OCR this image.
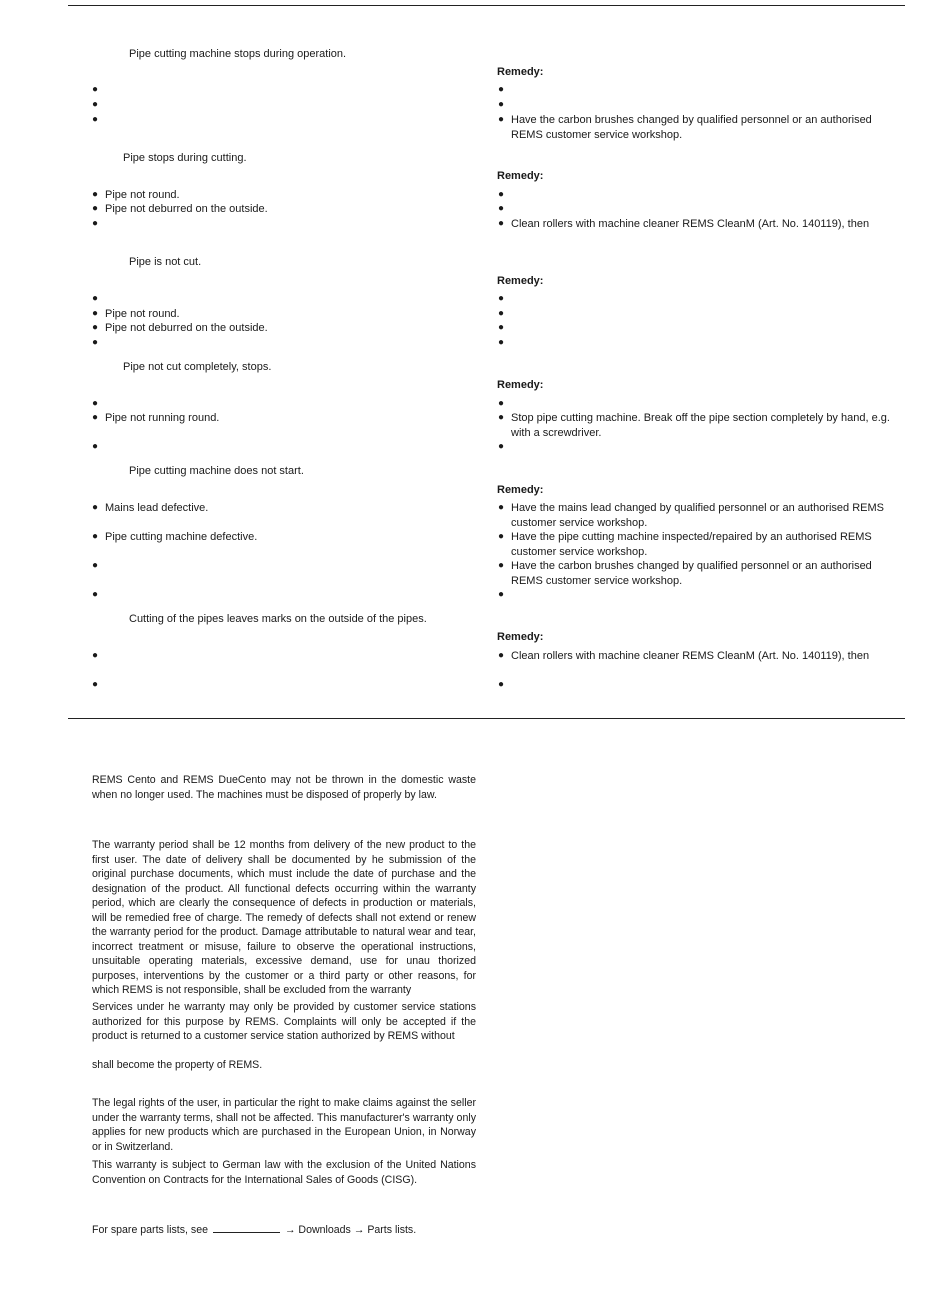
Pipe cutting machine stops during operation.
Remedy:
●
●
●
●
●
● Have the carbon brushes changed by qualified personnel or an authorised REMS customer service workshop.
Pipe stops during cutting.
Remedy:
● Pipe not round.
● Pipe not deburred on the outside.
●
●
●
● Clean rollers with machine cleaner REMS CleanM (Art. No. 140119), then
Pipe is not cut.
Remedy:
●
● Pipe not round.
● Pipe not deburred on the outside.
●
●
●
●
●
Pipe not cut completely, stops.
Remedy:
●
● Pipe not running round.
●
●
● Stop pipe cutting machine. Break off the pipe section completely by hand, e.g. with a screwdriver.
●
Pipe cutting machine does not start.
Remedy:
● Mains lead defective.
● Pipe cutting machine defective.
●
●
● Have the mains lead changed by qualified personnel or an authorised REMS customer service workshop.
● Have the pipe cutting machine inspected/repaired by an authorised REMS customer service workshop.
● Have the carbon brushes changed by qualified personnel or an authorised REMS customer service workshop.
●
Cutting of the pipes leaves marks on the outside of the pipes.
Remedy:
●
●
● Clean rollers with machine cleaner REMS CleanM (Art. No. 140119), then
●
REMS Cento and REMS DueCento may not be thrown in the domestic waste when no longer used. The machines must be disposed of properly by law.
The warranty period shall be 12 months from delivery of the new product to the first user. The date of delivery shall be documented by he submission of the original purchase documents, which must include the date of purchase and the designation of the product. All functional defects occurring within the warranty period, which are clearly the consequence of defects in production or materials, will be remedied free of charge. The remedy of defects shall not extend or renew the warranty period for the product. Damage attributable to natural wear and tear, incorrect treatment or misuse, failure to observe the operational instructions, unsuitable operating materials, excessive demand, use for unau thorized purposes, interventions by the customer or a third party or other reasons, for which REMS is not responsible, shall be excluded from the warranty
Services under he warranty may only be provided by customer service stations authorized for this purpose by REMS. Complaints will only be accepted if the product is returned to a customer service station authorized by REMS without
shall become the property of REMS.
The legal rights of the user, in particular the right to make claims against the seller under the warranty terms, shall not be affected. This manufacturer's warranty only applies for new products which are purchased in the European Union, in Norway or in Switzerland.
This warranty is subject to German law with the exclusion of the United Nations Convention on Contracts for the International Sales of Goods (CISG).
For spare parts lists, see	→ Downloads → Parts lists.
